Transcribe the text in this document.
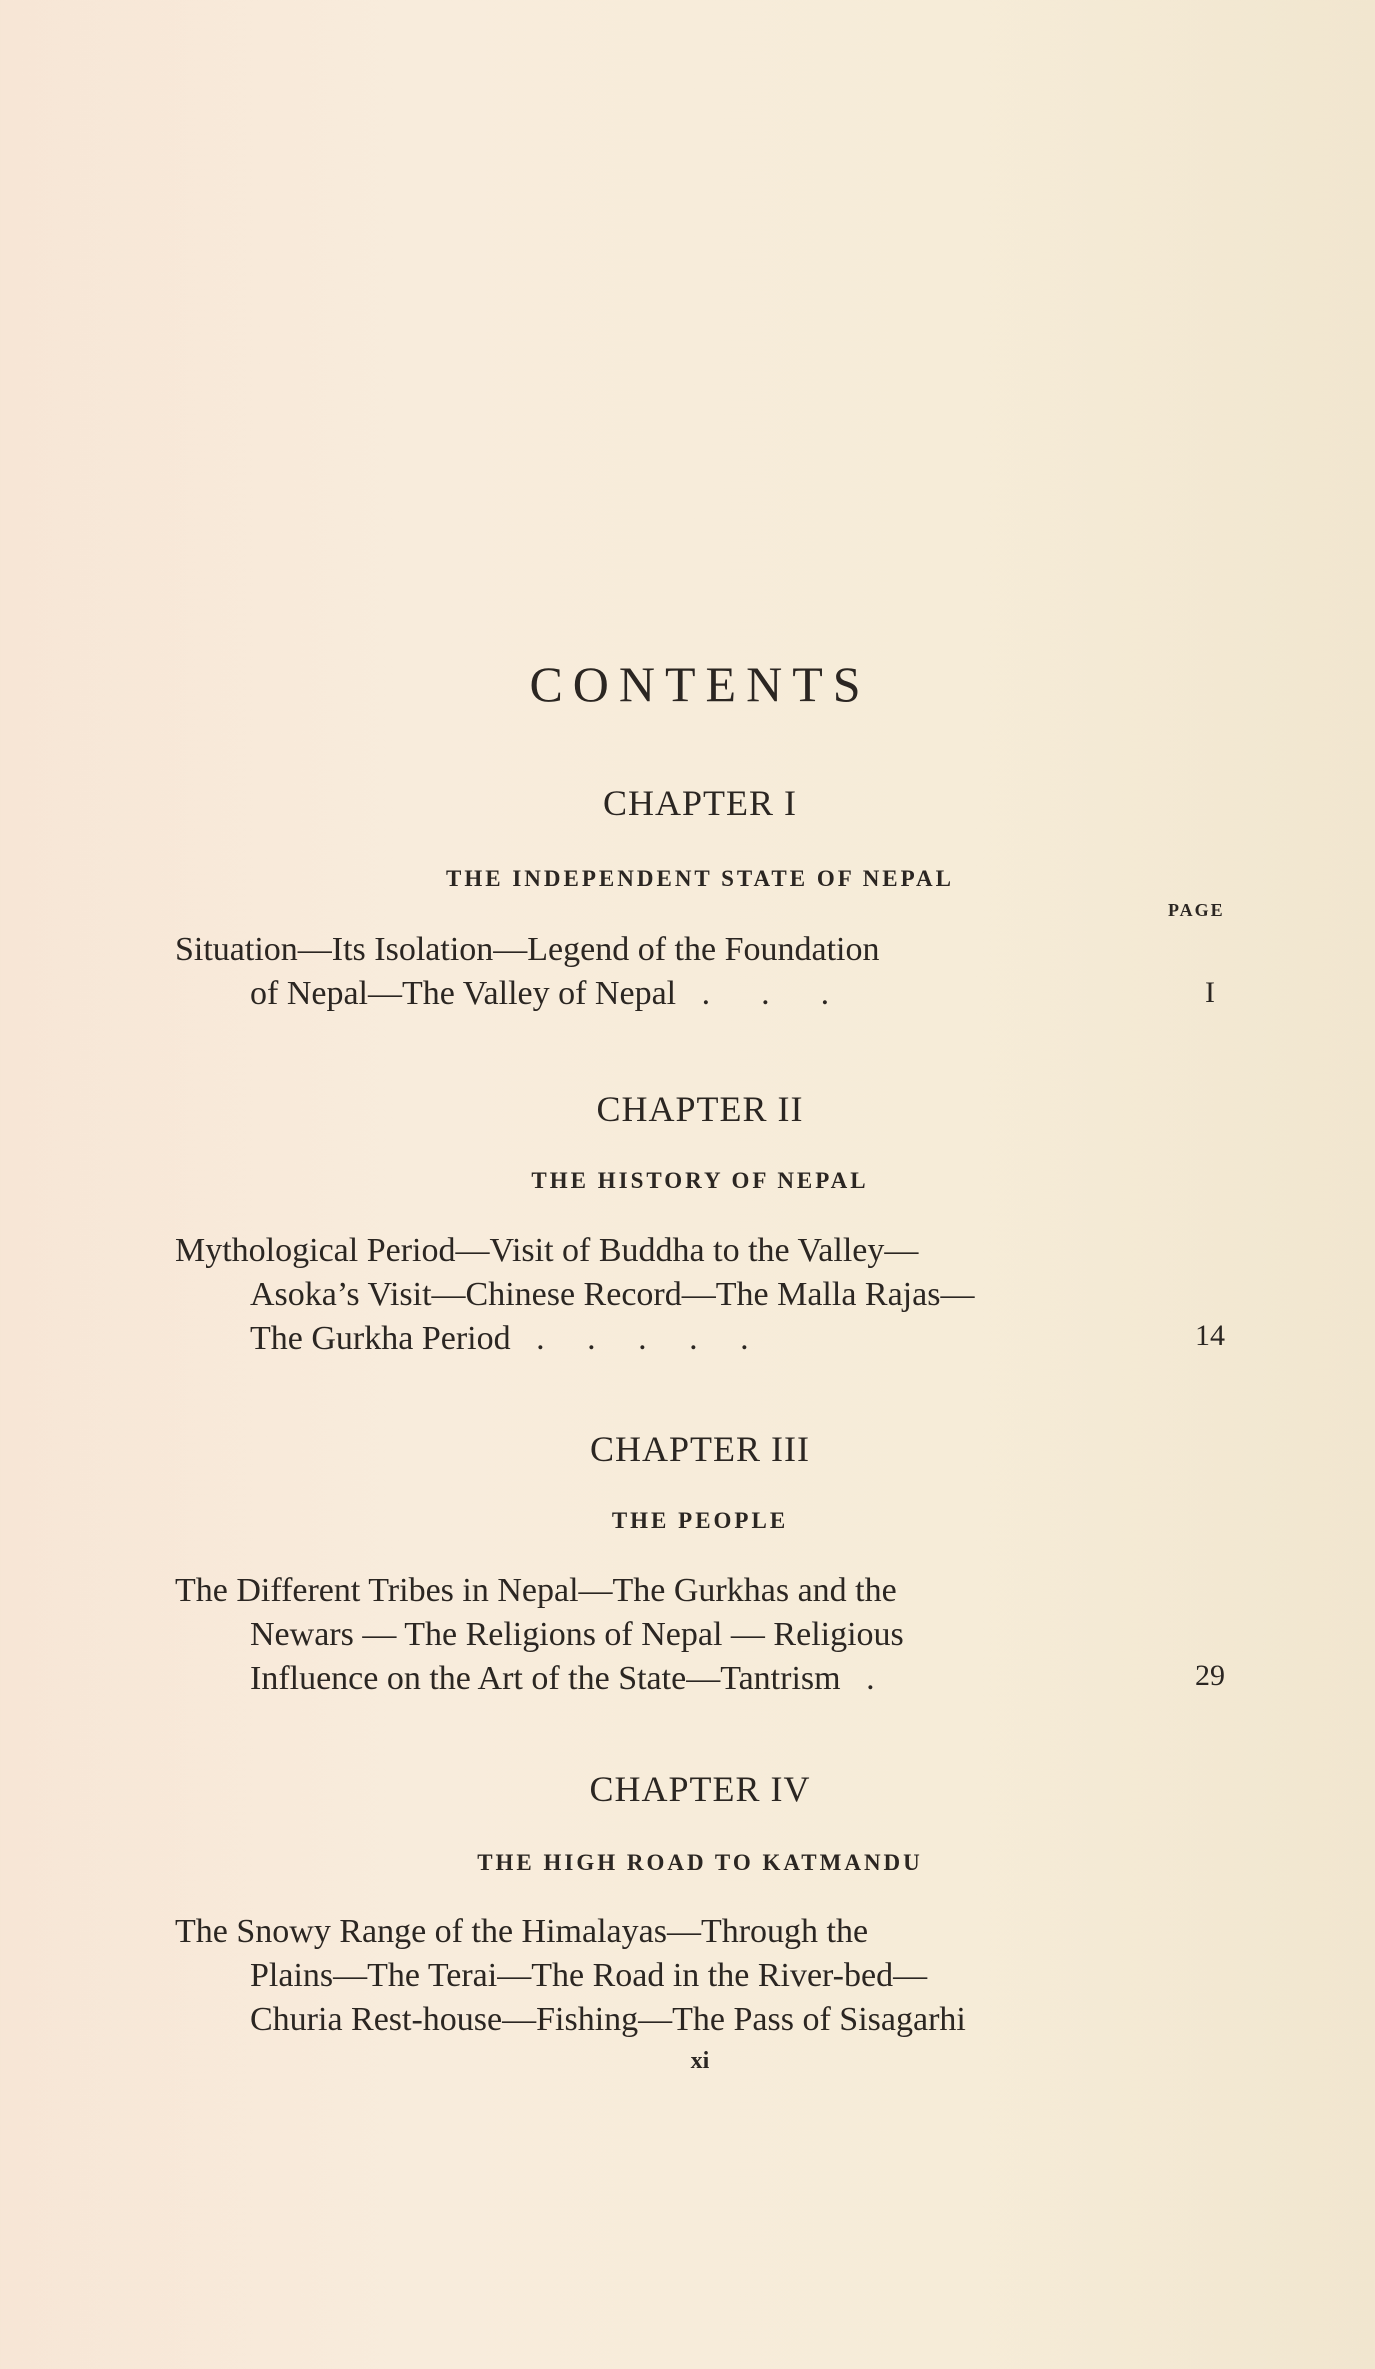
CONTENTS
CHAPTER I
THE INDEPENDENT STATE OF NEPAL
PAGE
Situation—Its Isolation—Legend of the Foundation
of Nepal—The Valley of Nepal   .      .      .	I
CHAPTER II
THE HISTORY OF NEPAL
Mythological Period—Visit of Buddha to the Valley—
Asoka’s Visit—Chinese Record—The Malla Rajas—
The Gurkha Period   .     .     .     .     .	14
CHAPTER III
THE PEOPLE
The Different Tribes in Nepal—The Gurkhas and the
Newars — The Religions of Nepal — Religious
Influence on the Art of the State—Tantrism   .	29
CHAPTER IV
THE HIGH ROAD TO KATMANDU
The Snowy Range of the Himalayas—Through the
Plains—The Terai—The Road in the River-bed—
Churia Rest-house—Fishing—The Pass of Sisagarhi
xi
